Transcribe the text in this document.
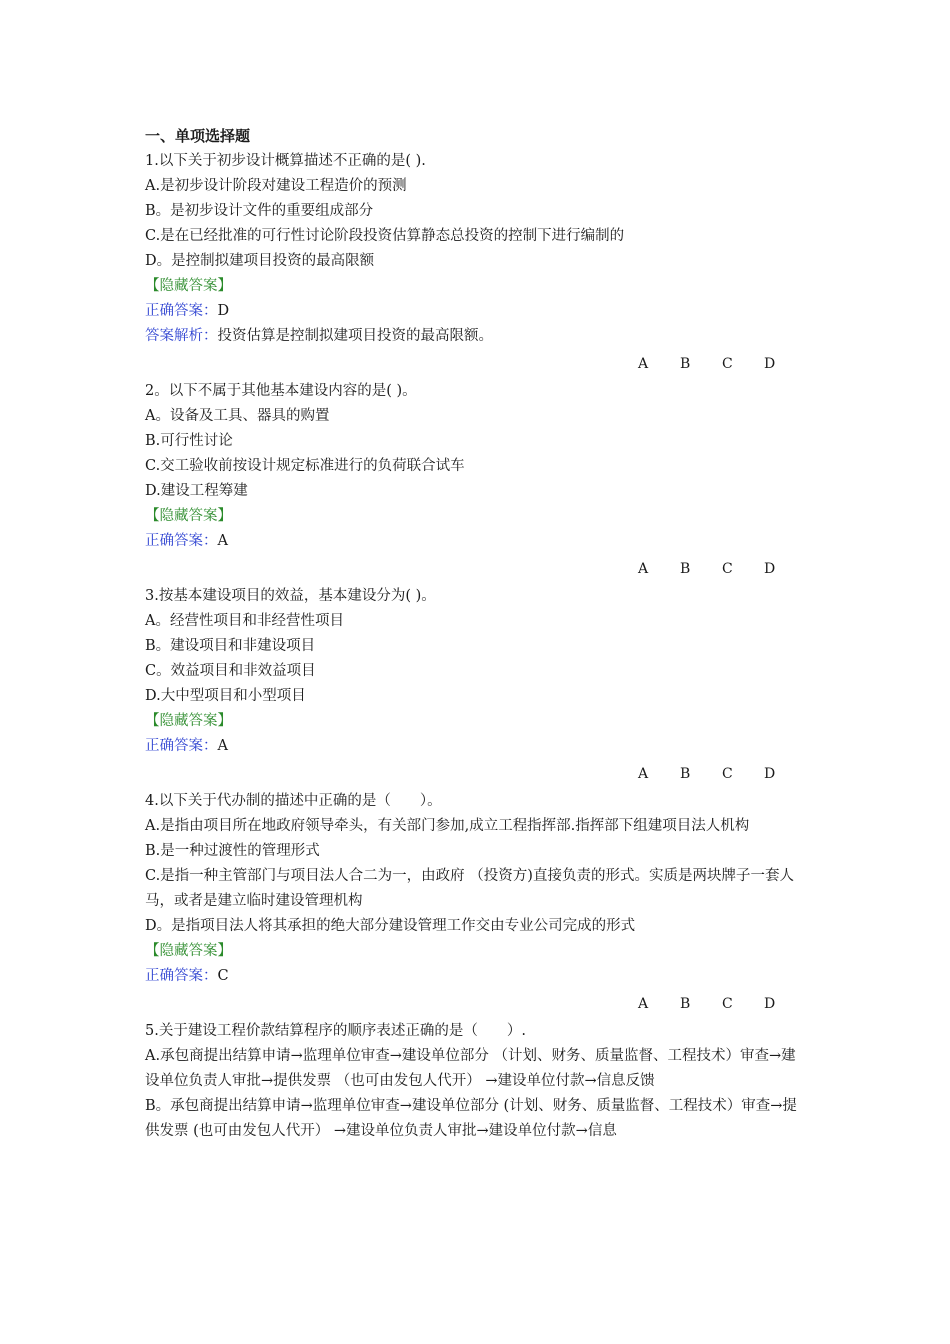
一、单项选择题
1.以下关于初步设计概算描述不正确的是( ).
A.是初步设计阶段对建设工程造价的预测
B。是初步设计文件的重要组成部分
C.是在已经批准的可行性讨论阶段投资估算静态总投资的控制下进行编制的
D。是控制拟建项目投资的最高限额
【隐藏答案】
正确答案：D
答案解析：投资估算是控制拟建项目投资的最高限额。
A B C D
2。以下不属于其他基本建设内容的是( )。
A。设备及工具、器具的购置
B.可行性讨论
C.交工验收前按设计规定标准进行的负荷联合试车
D.建设工程筹建
【隐藏答案】
正确答案：A
A B C D
3.按基本建设项目的效益，基本建设分为( )。
A。经营性项目和非经营性项目
B。建设项目和非建设项目
C。效益项目和非效益项目
D.大中型项目和小型项目
【隐藏答案】
正确答案：A
A B C D
4.以下关于代办制的描述中正确的是（　　）。
A.是指由项目所在地政府领导牵头，有关部门参加,成立工程指挥部.指挥部下组建项目法人机构
B.是一种过渡性的管理形式
C.是指一种主管部门与项目法人合二为一，由政府 （投资方)直接负责的形式。实质是两块牌子一套人马，或者是建立临时建设管理机构
D。是指项目法人将其承担的绝大部分建设管理工作交由专业公司完成的形式
【隐藏答案】
正确答案：C
A B C D
5.关于建设工程价款结算程序的顺序表述正确的是（　　）.
A.承包商提出结算申请→监理单位审查→建设单位部分 （计划、财务、质量监督、工程技术）审查→建设单位负责人审批→提供发票 （也可由发包人代开） →建设单位付款→信息反馈
B。承包商提出结算申请→监理单位审查→建设单位部分 (计划、财务、质量监督、工程技术）审查→提供发票 (也可由发包人代开） →建设单位负责人审批→建设单位付款→信息
